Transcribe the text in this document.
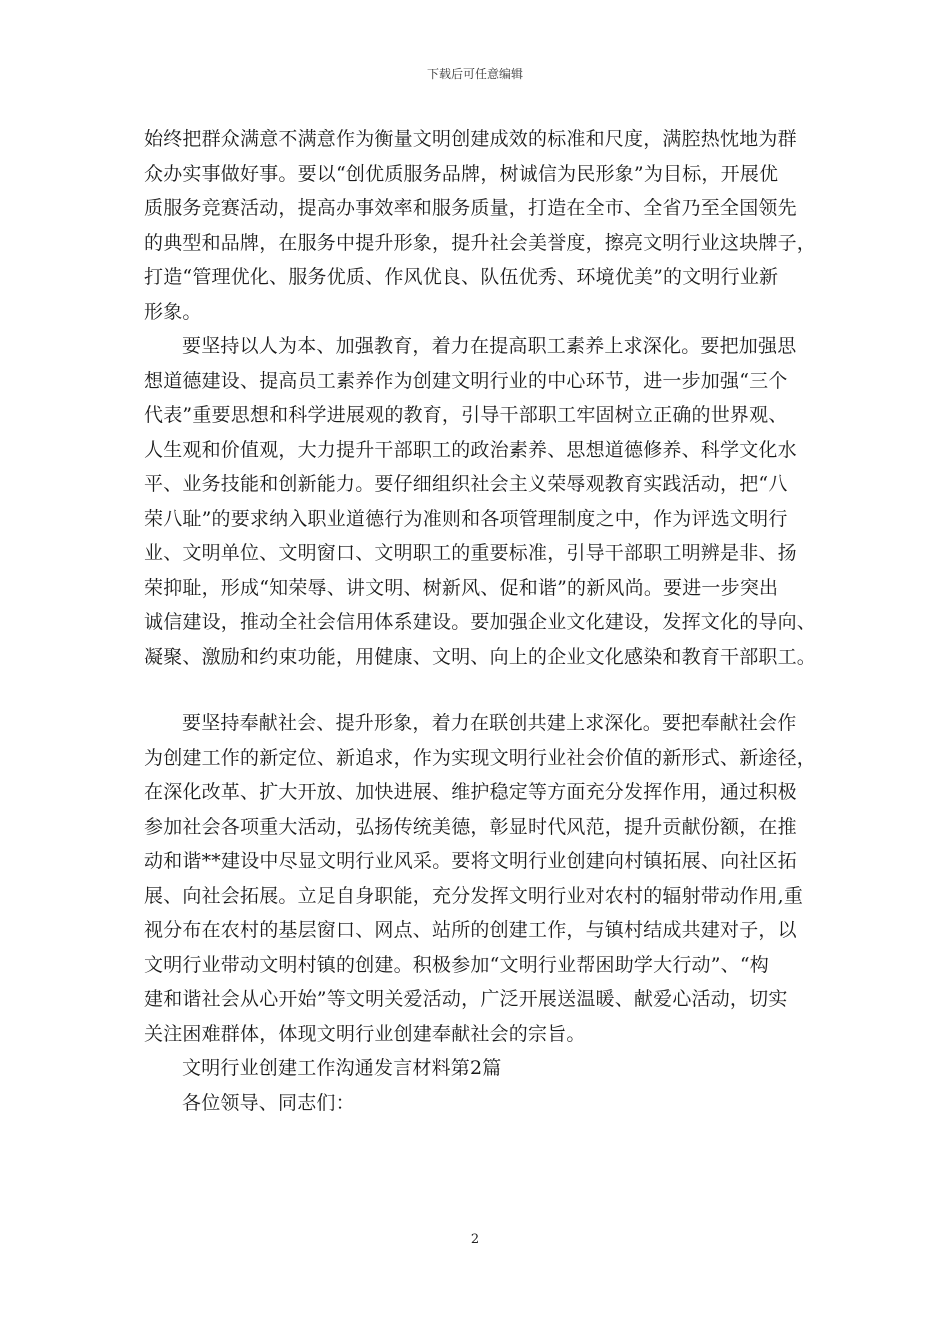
下载后可任意编辑
始终把群众满意不满意作为衡量文明创建成效的标准和尺度，满腔热忱地为群
众办实事做好事。要以“创优质服务品牌，树诚信为民形象”为目标，开展优
质服务竞赛活动，提高办事效率和服务质量，打造在全市、全省乃至全国领先
的典型和品牌，在服务中提升形象，提升社会美誉度，擦亮文明行业这块牌子，
打造“管理优化、服务优质、作风优良、队伍优秀、环境优美”的文明行业新
形象。
要坚持以人为本、加强教育，着力在提高职工素养上求深化。要把加强思
想道德建设、提高员工素养作为创建文明行业的中心环节，进一步加强“三个
代表”重要思想和科学进展观的教育，引导干部职工牢固树立正确的世界观、
人生观和价值观，大力提升干部职工的政治素养、思想道德修养、科学文化水
平、业务技能和创新能力。要仔细组织社会主义荣辱观教育实践活动，把“八
荣八耻”的要求纳入职业道德行为准则和各项管理制度之中，作为评选文明行
业、文明单位、文明窗口、文明职工的重要标准，引导干部职工明辨是非、扬
荣抑耻，形成“知荣辱、讲文明、树新风、促和谐”的新风尚。要进一步突出
诚信建设，推动全社会信用体系建设。要加强企业文化建设，发挥文化的导向、
凝聚、激励和约束功能，用健康、文明、向上的企业文化感染和教育干部职工。
要坚持奉献社会、提升形象，着力在联创共建上求深化。要把奉献社会作
为创建工作的新定位、新追求，作为实现文明行业社会价值的新形式、新途径，
在深化改革、扩大开放、加快进展、维护稳定等方面充分发挥作用，通过积极
参加社会各项重大活动，弘扬传统美德，彰显时代风范，提升贡献份额，在推
动和谐**建设中尽显文明行业风采。要将文明行业创建向村镇拓展、向社区拓
展、向社会拓展。立足自身职能，充分发挥文明行业对农村的辐射带动作用,重
视分布在农村的基层窗口、网点、站所的创建工作，与镇村结成共建对子，以
文明行业带动文明村镇的创建。积极参加“文明行业帮困助学大行动”、“构
建和谐社会从心开始”等文明关爱活动，广泛开展送温暖、献爱心活动，切实
关注困难群体，体现文明行业创建奉献社会的宗旨。
文明行业创建工作沟通发言材料第2篇
各位领导、同志们：
2
